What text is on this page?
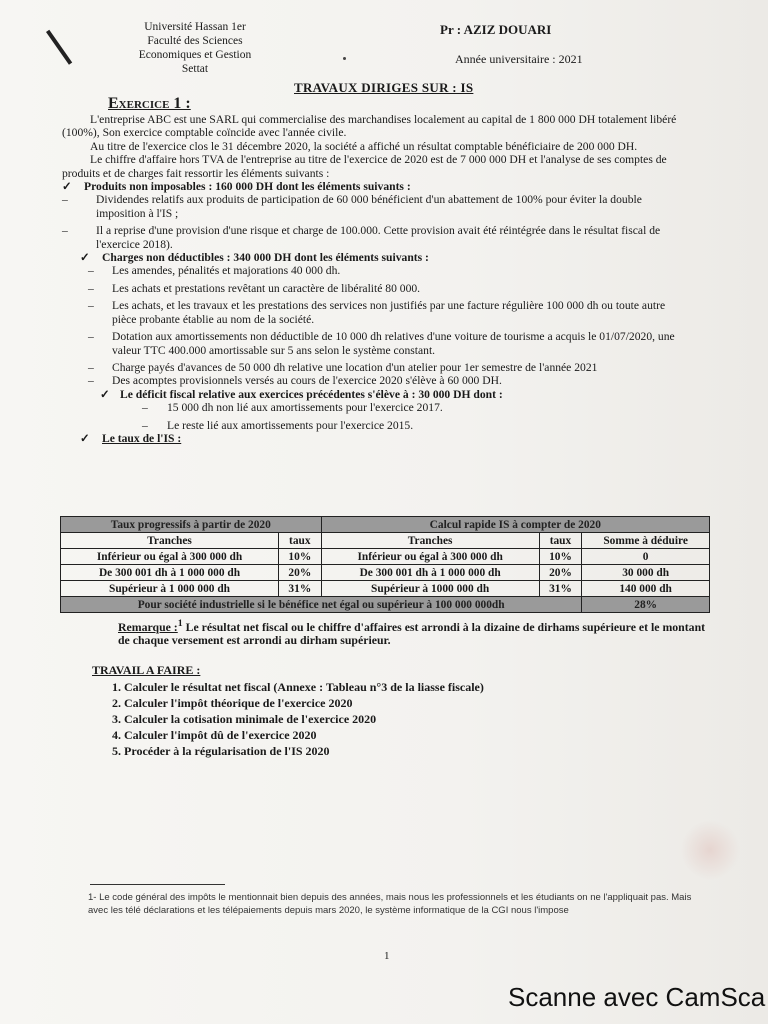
Université Hassan 1er
Faculté des Sciences
Economiques et Gestion
Settat
Pr : AZIZ DOUARI
Année universitaire : 2021
TRAVAUX DIRIGES SUR : IS
Exercice 1 :

L'entreprise ABC est une SARL qui commercialise des marchandises localement au capital de 1 800 000 DH totalement libéré (100%), Son exercice comptable coïncide avec l'année civile.

Au titre de l'exercice clos le 31 décembre 2020, la société a affiché un résultat comptable bénéficiaire de 200 000 DH.

Le chiffre d'affaire hors TVA de l'entreprise au titre de l'exercice de 2020 est de 7 000 000 DH et l'analyse de ses comptes de produits et de charges fait ressortir les éléments suivants :

✓ Produits non imposables : 160 000 DH dont les éléments suivants :
– Dividendes relatifs aux produits de participation de 60 000 bénéficient d'un abattement de 100% pour éviter la double imposition à l'IS ;
– Il a reprise d'une provision d'une risque et charge de 100.000. Cette provision avait été réintégrée dans le résultat fiscal de l'exercice 2018).
✓ Charges non déductibles : 340 000 DH dont les éléments suivants :
– Les amendes, pénalités et majorations 40 000 dh.
– Les achats et prestations revêtant un caractère de libéralité 80 000.
– Les achats, et les travaux et les prestations des services non justifiés par une facture régulière 100 000 dh ou toute autre pièce probante établie au nom de la société.
– Dotation aux amortissements non déductible de 10 000 dh relatives d'une voiture de tourisme a acquis le 01/07/2020, une valeur TTC 400.000 amortissable sur 5 ans selon le système constant.
– Charge payés d'avances de 50 000 dh relative une location d'un atelier pour 1er semestre de l'année 2021
– Des acomptes provisionnels versés au cours de l'exercice 2020 s'élève à 60 000 DH.
✓ Le déficit fiscal relative aux exercices précédentes s'élève à : 30 000 DH dont :
– 15 000 dh non lié aux amortissements pour l'exercice 2017.
– Le reste lié aux amortissements pour l'exercice 2015.
✓ Le taux de l'IS :
Taux progressifs à partir de 2020		Calcul rapide IS à compter de 2020		
Tranches	taux	Tranches	taux	Somme à déduire
Inférieur ou égal à 300 000 dh	10%	Inférieur ou égal à 300 000 dh	10%	0
De 300 001 dh à 1 000 000 dh	20%	De 300 001 dh à 1 000 000 dh	20%	30 000 dh
Supérieur à 1 000 000 dh	31%	Supérieur à 1000 000 dh	31%	140 000 dh
Pour société industrielle si le bénéfice net égal ou supérieur à 100 000 000dh				28%
Remarque :$^1$ Le résultat net fiscal ou le chiffre d'affaires est arrondi à la dizaine de dirhams supérieure et le montant de chaque versement est arrondi au dirham supérieur.
TRAVAIL A FAIRE :
1. Calculer le résultat net fiscal (Annexe : Tableau n°3 de la liasse fiscale)
2. Calculer l'impôt théorique de l'exercice 2020
3. Calculer la cotisation minimale de l'exercice 2020
4. Calculer l'impôt dû de l'exercice 2020
5. Procéder à la régularisation de l'IS 2020
1- Le code général des impôts le mentionnait bien depuis des années, mais nous les professionnels et les étudiants on ne l'appliquait pas. Mais avec les télé déclarations et les télépaiements depuis mars 2020, le système informatique de la CGI nous l'impose
1
Scanne avec CamSca
